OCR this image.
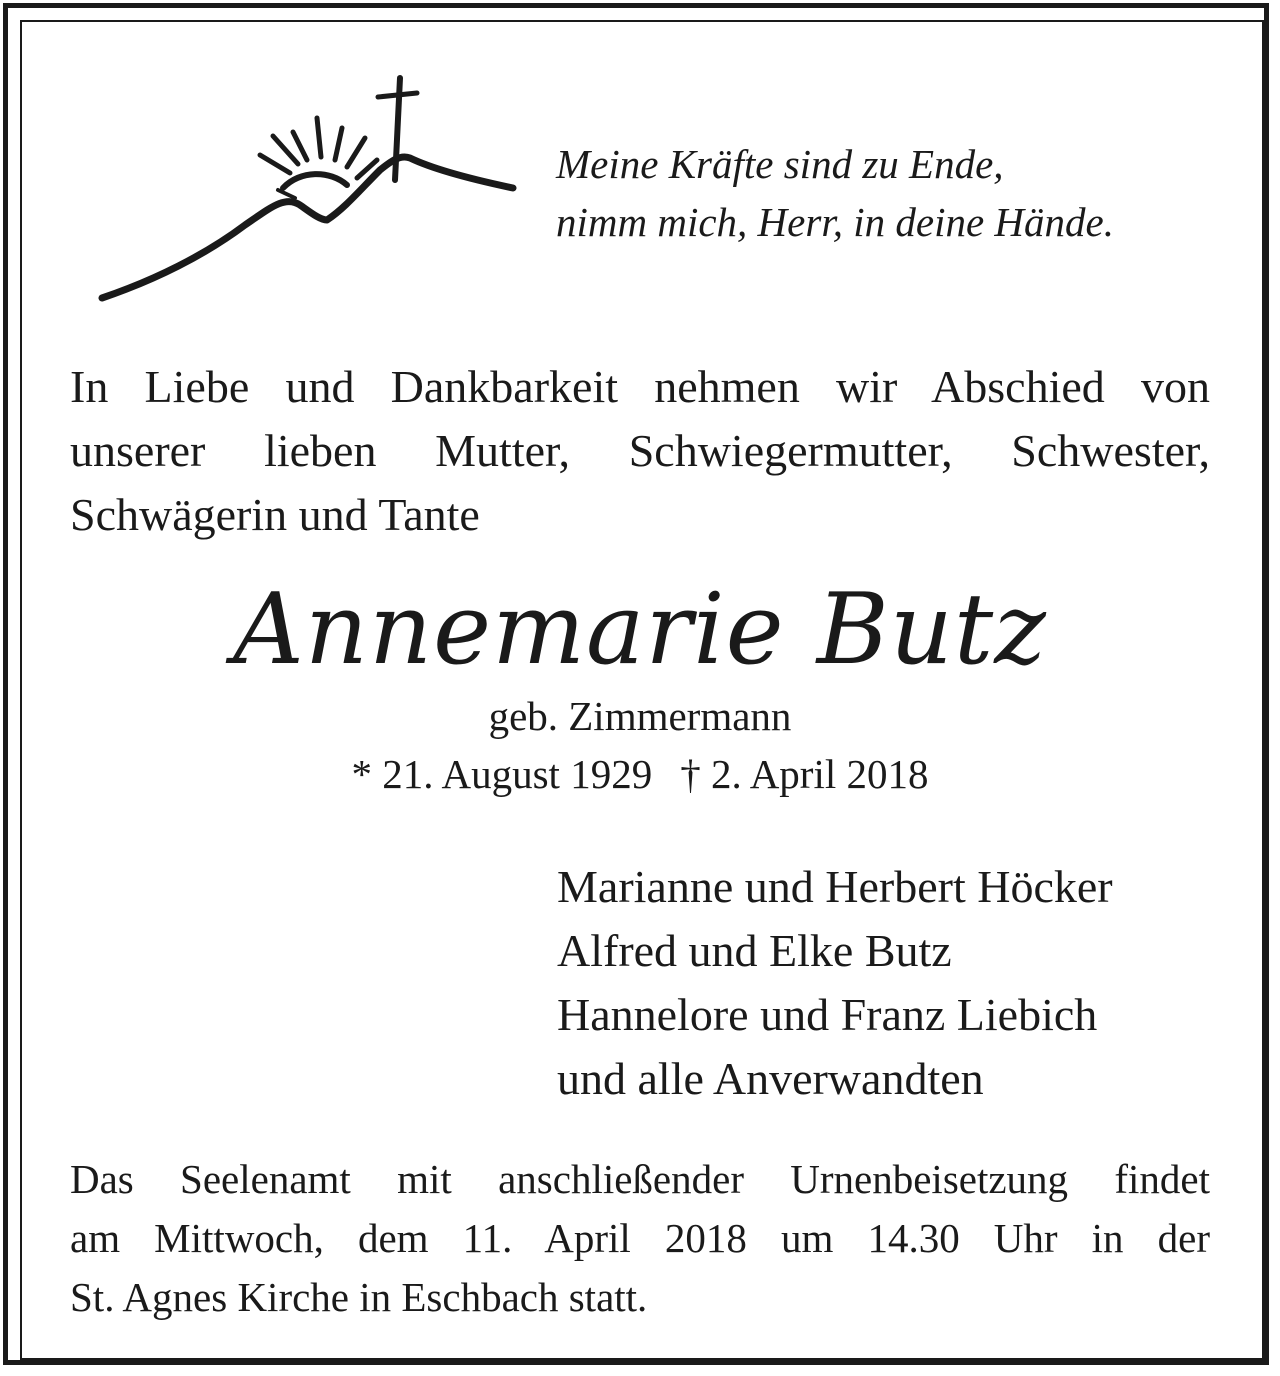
Meine Kräfte sind zu Ende,
nimm mich, Herr, in deine Hände.
In Liebe und Dankbarkeit nehmen wir Abschied von
unserer lieben Mutter, Schwiegermutter, Schwester,
Schwägerin und Tante
Annemarie Butz
geb. Zimmermann
* 21. August 1929 † 2. April 2018
Marianne und Herbert Höcker
Alfred und Elke Butz
Hannelore und Franz Liebich
und alle Anverwandten
Das Seelenamt mit anschließender Urnenbeisetzung findet
am Mittwoch, dem 11. April 2018 um 14.30 Uhr in der
St. Agnes Kirche in Eschbach statt.
